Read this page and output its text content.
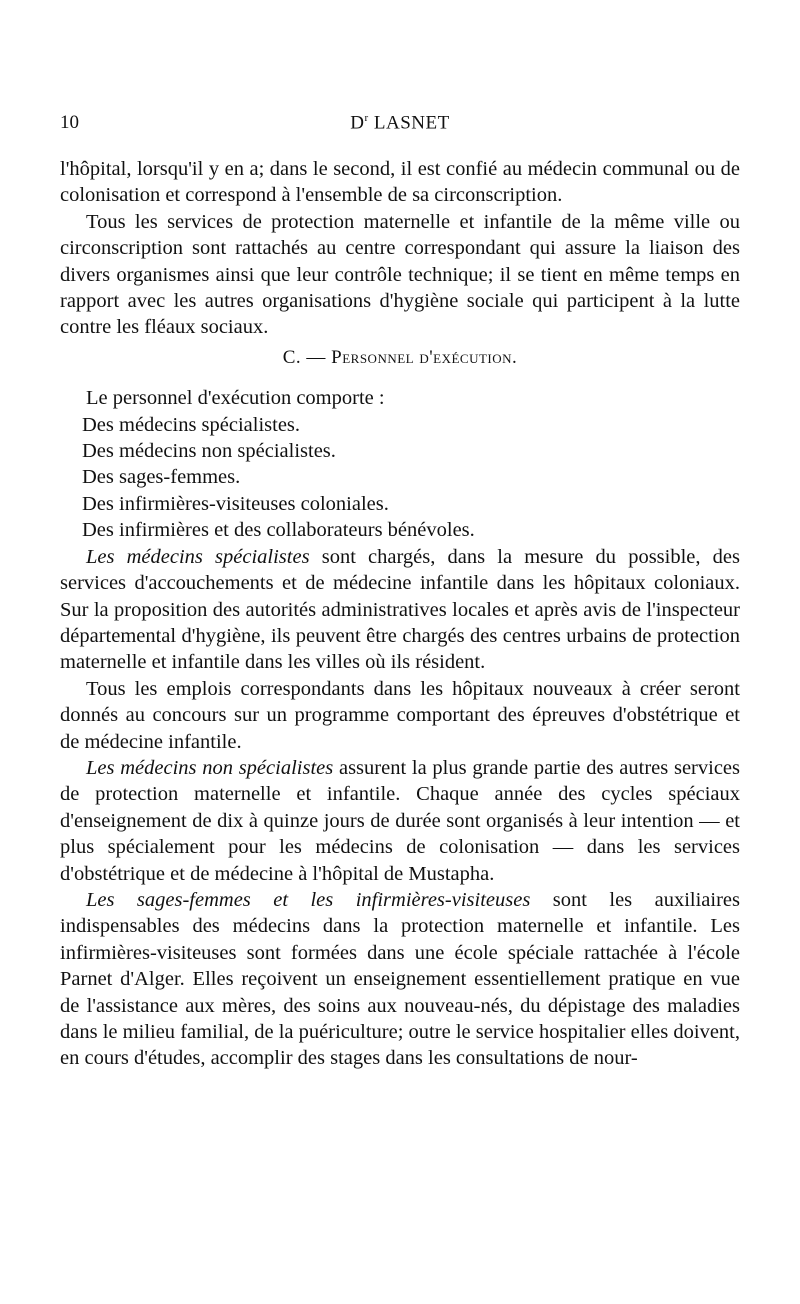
10	$D^r$ LASNET

l'hôpital, lorsqu'il y en a; dans le second, il est confié au médecin communal ou de colonisation et correspond à l'ensemble de sa circonscription.

Tous les services de protection maternelle et infantile de la même ville ou circonscription sont rattachés au centre correspondant qui assure la liaison des divers organismes ainsi que leur contrôle technique; il se tient en même temps en rapport avec les autres organisations d'hygiène sociale qui participent à la lutte contre les fléaux sociaux.

C. — Personnel d'exécution.

Le personnel d'exécution comporte :

Des médecins spécialistes.
Des médecins non spécialistes.
Des sages-femmes.
Des infirmières-visiteuses coloniales.
Des infirmières et des collaborateurs bénévoles.

Les médecins spécialistes sont chargés, dans la mesure du possible, des services d'accouchements et de médecine infantile dans les hôpitaux coloniaux. Sur la proposition des autorités administratives locales et après avis de l'inspecteur départemental d'hygiène, ils peuvent être chargés des centres urbains de protection maternelle et infantile dans les villes où ils résident.

Tous les emplois correspondants dans les hôpitaux nouveaux à créer seront donnés au concours sur un programme comportant des épreuves d'obstétrique et de médecine infantile.

Les médecins non spécialistes assurent la plus grande partie des autres services de protection maternelle et infantile. Chaque année des cycles spéciaux d'enseignement de dix à quinze jours de durée sont organisés à leur intention — et plus spécialement pour les médecins de colonisation — dans les services d'obstétrique et de médecine à l'hôpital de Mustapha.

Les sages-femmes et les infirmières-visiteuses sont les auxiliaires indispensables des médecins dans la protection maternelle et infantile. Les infirmières-visiteuses sont formées dans une école spéciale rattachée à l'école Parnet d'Alger. Elles reçoivent un enseignement essentiellement pratique en vue de l'assistance aux mères, des soins aux nouveau-nés, du dépistage des maladies dans le milieu familial, de la puériculture; outre le service hospitalier elles doivent, en cours d'études, accomplir des stages dans les consultations de nour-
